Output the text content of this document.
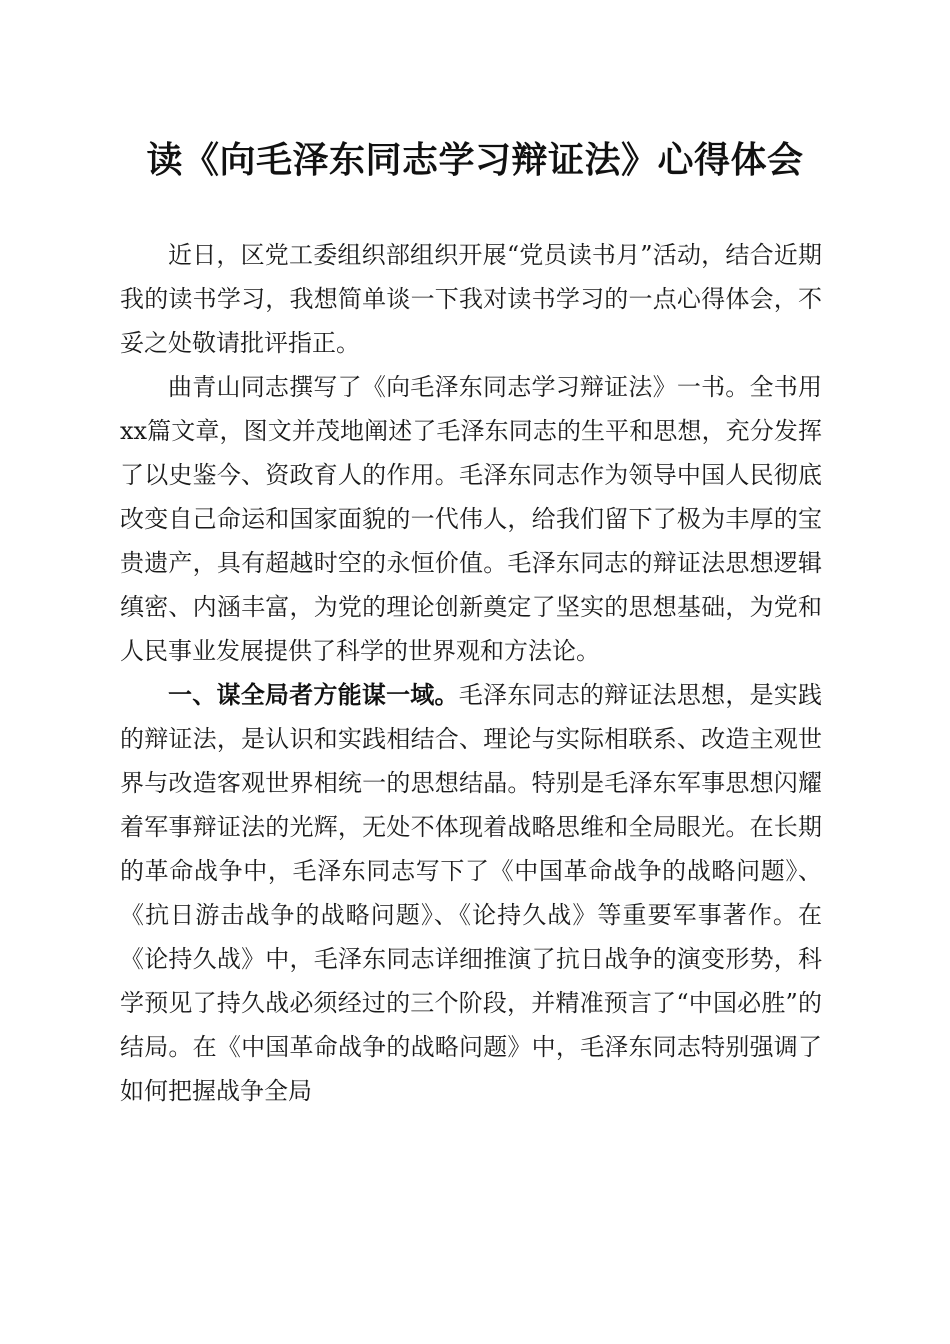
读《向毛泽东同志学习辩证法》心得体会

近日，区党工委组织部组织开展“党员读书月”活动，结合近期我的读书学习，我想简单谈一下我对读书学习的一点心得体会，不妥之处敬请批评指正。

曲青山同志撰写了《向毛泽东同志学习辩证法》一书。全书用xx篇文章，图文并茂地阐述了毛泽东同志的生平和思想，充分发挥了以史鉴今、资政育人的作用。毛泽东同志作为领导中国人民彻底改变自己命运和国家面貌的一代伟人，给我们留下了极为丰厚的宝贵遗产，具有超越时空的永恒价值。毛泽东同志的辩证法思想逻辑缜密、内涵丰富，为党的理论创新奠定了坚实的思想基础，为党和人民事业发展提供了科学的世界观和方法论。

一、谋全局者方能谋一域。毛泽东同志的辩证法思想，是实践的辩证法，是认识和实践相结合、理论与实际相联系、改造主观世界与改造客观世界相统一的思想结晶。特别是毛泽东军事思想闪耀着军事辩证法的光辉，无处不体现着战略思维和全局眼光。在长期的革命战争中，毛泽东同志写下了《中国革命战争的战略问题》、《抗日游击战争的战略问题》、《论持久战》等重要军事著作。在《论持久战》中，毛泽东同志详细推演了抗日战争的演变形势，科学预见了持久战必须经过的三个阶段，并精准预言了“中国必胜”的结局。在《中国革命战争的战略问题》中，毛泽东同志特别强调了如何把握战争全局
